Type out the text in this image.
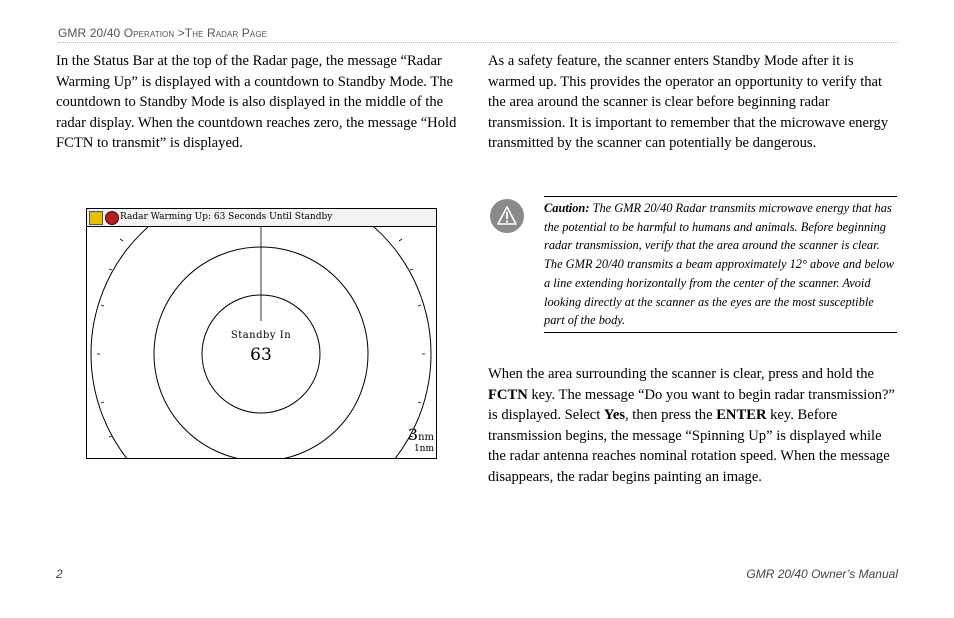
GMR 20/40 Operation >The Radar Page

In the Status Bar at the top of the Radar page, the message “Radar Warming Up” is displayed with a countdown to Standby Mode. The countdown to Standby Mode is also displayed in the middle of the radar display. When the countdown reaches zero, the message “Hold FCTN to transmit” is displayed.

As a safety feature, the scanner enters Standby Mode after it is warmed up. This provides the operator an opportunity to verify that the area around the scanner is clear before beginning radar transmission. It is important to remember that the microwave energy transmitted by the scanner can potentially be dangerous.

Caution: The GMR 20/40 Radar transmits microwave energy that has the potential to be harmful to humans and animals. Before beginning radar transmission, verify that the area around the scanner is clear. The GMR 20/40 transmits a beam approximately 12° above and below a line extending horizontally from the center of the scanner. Avoid looking directly at the scanner as the eyes are the most susceptible part of the body.
Radar Warming Up: 63 Seconds Until Standby
Standby In
63
3nm
1nm

When the area surrounding the scanner is clear, press and hold the FCTN key. The message “Do you want to begin radar transmission?” is displayed. Select Yes, then press the ENTER key. Before transmission begins, the message “Spinning Up” is displayed while the radar antenna reaches nominal rotation speed. When the message disappears, the radar begins painting an image.

2	GMR 20/40 Owner’s Manual
